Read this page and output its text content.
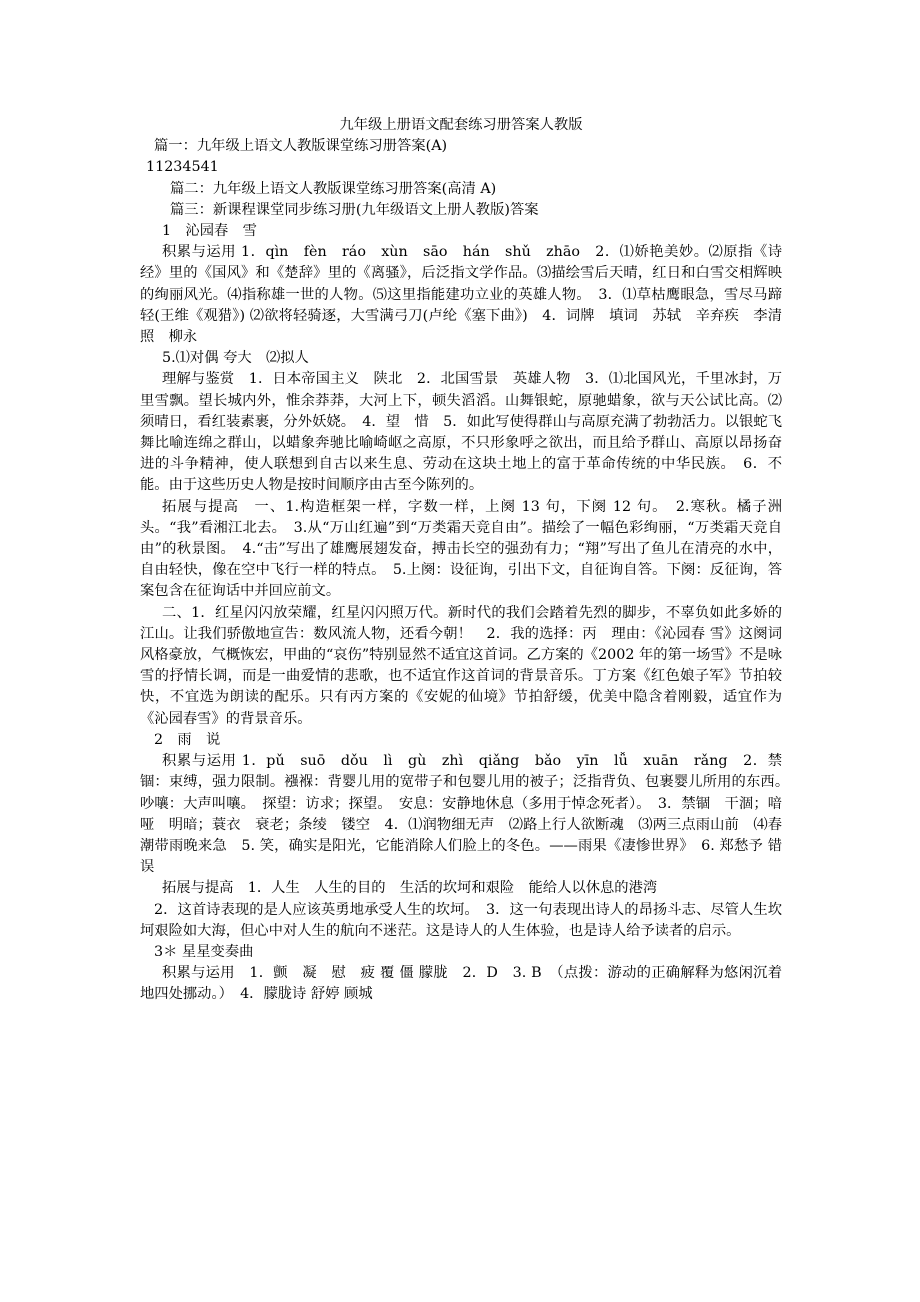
九年级上册语文配套练习册答案人教版

篇一：九年级上语文人教版课堂练习册答案(A)

11234541

篇二：九年级上语文人教版课堂练习册答案(高清 A)

篇三：新课程课堂同步练习册(九年级语文上册人教版)答案

1　沁园春　雪

积累与运用 1．qìn　fèn　ráo　xùn　sāo　hán　shǔ　zhāo　2．⑴娇艳美妙。⑵原指《诗经》里的《国风》和《楚辞》里的《离骚》，后泛指文学作品。⑶描绘雪后天晴，红日和白雪交相辉映的绚丽风光。⑷指称雄一世的人物。⑸这里指能建功立业的英雄人物。　3．⑴草枯鹰眼急，雪尽马蹄轻(王维《观猎》) ⑵欲将轻骑逐，大雪满弓刀(卢纶《塞下曲》)　4．词牌　填词　苏轼　辛弃疾　李清照　柳永

5.⑴对偶 夸大　⑵拟人

理解与鉴赏　1．日本帝国主义　陕北　2．北国雪景　英雄人物　3．⑴北国风光，千里冰封，万里雪飘。望长城内外，惟余莽莽，大河上下，顿失滔滔。山舞银蛇，原驰蜡象，欲与天公试比高。⑵须晴日，看红装素裹，分外妖娆。　4．望　惜　5．如此写使得群山与高原充满了勃勃活力。以银蛇飞舞比喻连绵之群山，以蜡象奔驰比喻崎岖之高原，不只形象呼之欲出，而且给予群山、高原以昂扬奋进的斗争精神，使人联想到自古以来生息、劳动在这块土地上的富于革命传统的中华民族。　6．不能。由于这些历史人物是按时间顺序由古至今陈列的。

拓展与提高　一、1.构造框架一样，字数一样，上阕 13 句，下阕 12 句。　2.寒秋。橘子洲头。“我”看湘江北去。　3.从“万山红遍”到“万类霜天竞自由”。描绘了一幅色彩绚丽，“万类霜天竞自由”的秋景图。　4.“击”写出了雄鹰展翅发奋，搏击长空的强劲有力；“翔”写出了鱼儿在清亮的水中，自由轻快，像在空中飞行一样的特点。　5.上阕：设征询，引出下文，自征询自答。下阕：反征询，答案包含在征询话中并回应前文。

二、1．红星闪闪放荣耀，红星闪闪照万代。新时代的我们会踏着先烈的脚步，不辜负如此多娇的江山。让我们骄傲地宣告：数风流人物，还看今朝！　2．我的选择：丙　理由：《沁园春 雪》这阕词风格豪放，气概恢宏，甲曲的“哀伤”特别显然不适宜这首词。乙方案的《2002 年的第一场雪》不是咏雪的抒情长调，而是一曲爱情的悲歌，也不适宜作这首词的背景音乐。丁方案《红色娘子军》节拍较快，不宜选为朗读的配乐。只有丙方案的《安妮的仙境》节拍舒缓，优美中隐含着刚毅，适宜作为《沁园春雪》的背景音乐。

2　雨　说

积累与运用 1．pǔ　suō　dǒu　lì　gù　zhì　qiǎng　bǎo　yīn　lǚ　xuān　rǎng　2．禁锢：束缚，强力限制。襁褓：背婴儿用的宽带子和包婴儿用的被子；泛指背负、包裹婴儿所用的东西。　吵嚷：大声叫嚷。　探望：访求；探望。　安息：安静地休息（多用于悼念死者）。　3．禁锢　干涸；喑哑　明暗；蓑衣　衰老；条绫　镂空　4．⑴润物细无声　⑵路上行人欲断魂　⑶两三点雨山前　⑷春潮带雨晚来急　5. 笑，确实是阳光，它能消除人们脸上的冬色。——雨果《凄惨世界》　6. 郑愁予 错误

拓展与提高　1．人生　人生的目的　生活的坎坷和艰险　能给人以休息的港湾

2．这首诗表现的是人应该英勇地承受人生的坎坷。　3．这一句表现出诗人的昂扬斗志、尽管人生坎坷艰险如大海，但心中对人生的航向不迷茫。这是诗人的人生体验，也是诗人给予读者的启示。

3＊ 星星变奏曲

积累与运用　1．颤　凝　慰　疲 覆 僵 朦胧　2．D　3. B　（点拨：游动的正确解释为悠闲沉着地四处挪动。）　4．朦胧诗 舒婷 顾城
